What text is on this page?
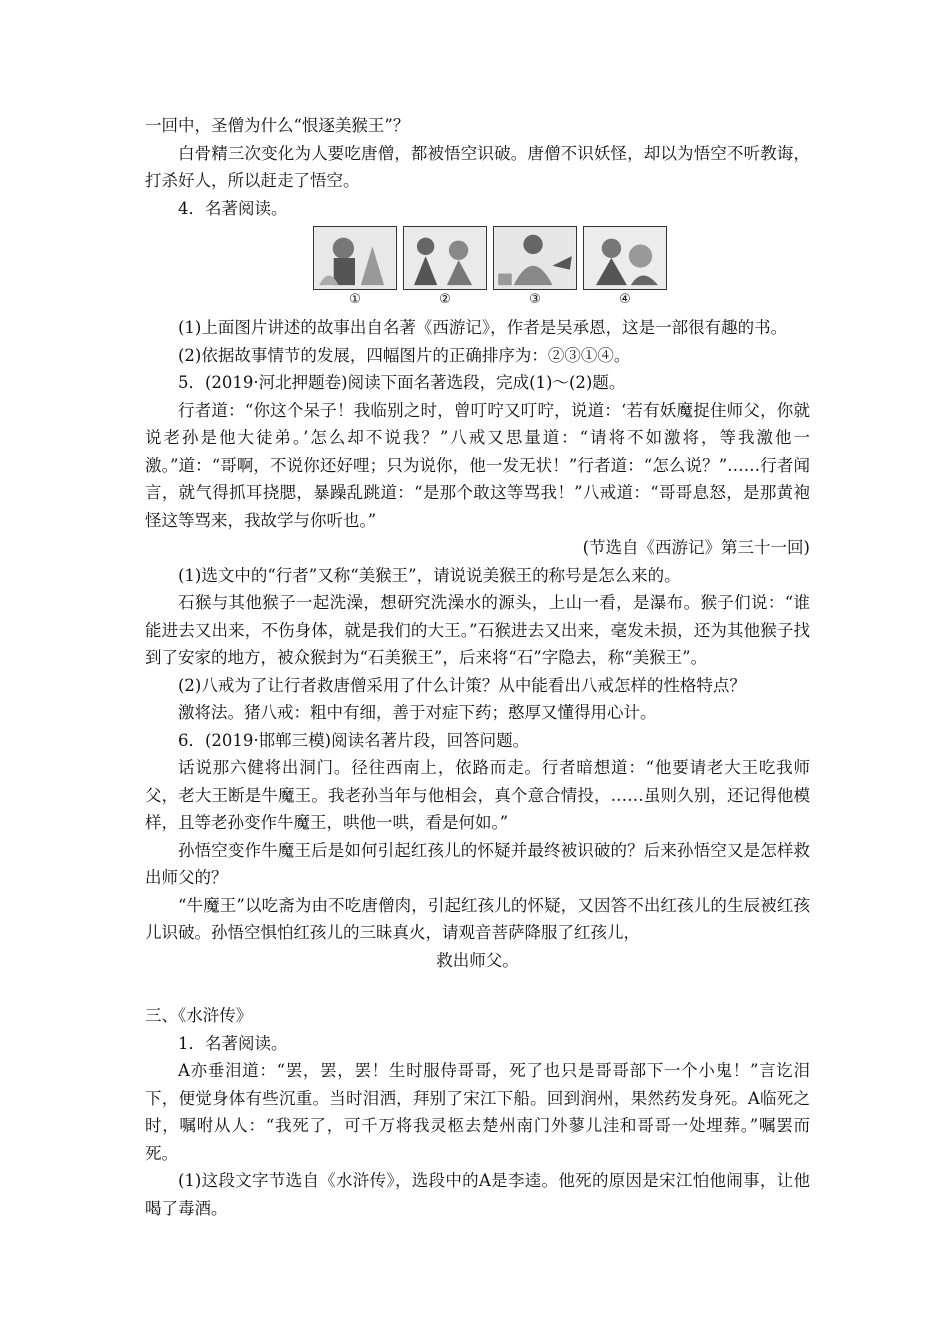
一回中，圣僧为什么“恨逐美猴王”？

白骨精三次变化为人要吃唐僧，都被悟空识破。唐僧不识妖怪，却以为悟空不听教诲，打杀好人，所以赶走了悟空。

4．名著阅读。

①	②	③	④

(1)上面图片讲述的故事出自名著《西游记》，作者是吴承恩，这是一部很有趣的书。

(2)依据故事情节的发展，四幅图片的正确排序为：②③①④。

5．(2019·河北押题卷)阅读下面名著选段，完成(1)～(2)题。

行者道：“你这个呆子！我临别之时，曾叮咛又叮咛，说道：‘若有妖魔捉住师父，你就说老孙是他大徒弟。’怎么却不说我？”八戒又思量道：“请将不如激将，等我激他一激。”道：“哥啊，不说你还好哩；只为说你，他一发无状！”行者道：“怎么说？”……行者闻言，就气得抓耳挠腮，暴躁乱跳道：“是那个敢这等骂我！”八戒道：“哥哥息怒，是那黄袍怪这等骂来，我故学与你听也。”

(节选自《西游记》第三十一回)

(1)选文中的“行者”又称“美猴王”，请说说美猴王的称号是怎么来的。

石猴与其他猴子一起洗澡，想研究洗澡水的源头，上山一看，是瀑布。猴子们说：“谁能进去又出来，不伤身体，就是我们的大王。”石猴进去又出来，毫发未损，还为其他猴子找到了安家的地方，被众猴封为“石美猴王”，后来将“石”字隐去，称“美猴王”。

(2)八戒为了让行者救唐僧采用了什么计策？从中能看出八戒怎样的性格特点？

激将法。猪八戒：粗中有细，善于对症下药；憨厚又懂得用心计。

6．(2019·邯郸三模)阅读名著片段，回答问题。

话说那六健将出洞门。径往西南上，依路而走。行者暗想道：“他要请老大王吃我师父，老大王断是牛魔王。我老孙当年与他相会，真个意合情投，……虽则久别，还记得他模样，且等老孙变作牛魔王，哄他一哄，看是何如。”

孙悟空变作牛魔王后是如何引起红孩儿的怀疑并最终被识破的？后来孙悟空又是怎样救出师父的？

“牛魔王”以吃斋为由不吃唐僧肉，引起红孩儿的怀疑，又因答不出红孩儿的生辰被红孩儿识破。孙悟空惧怕红孩儿的三昧真火，请观音菩萨降服了红孩儿，

救出师父。

三、《水浒传》

1．名著阅读。

A亦垂泪道：“罢，罢，罢！生时服侍哥哥，死了也只是哥哥部下一个小鬼！”言讫泪下，便觉身体有些沉重。当时泪洒，拜别了宋江下船。回到润州，果然药发身死。A临死之时，嘱咐从人：“我死了，可千万将我灵柩去楚州南门外蓼儿洼和哥哥一处埋葬。”嘱罢而死。

(1)这段文字节选自《水浒传》，选段中的A是李逵。他死的原因是宋江怕他闹事，让他喝了毒酒。
